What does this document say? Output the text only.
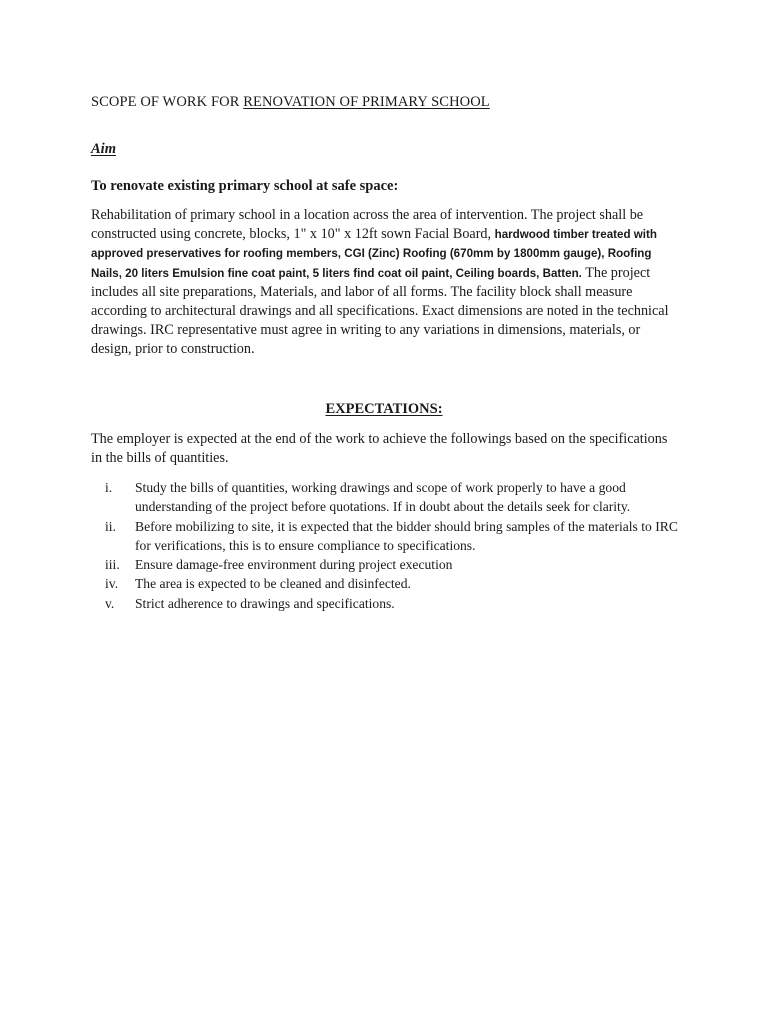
SCOPE OF WORK FOR RENOVATION OF PRIMARY SCHOOL
Aim
To renovate existing primary school at safe space:

Rehabilitation of primary school in a location across the area of intervention. The project shall be constructed using concrete, blocks, 1" x 10" x 12ft sown Facial Board, hardwood timber treated with approved preservatives for roofing members, CGI (Zinc) Roofing (670mm by 1800mm gauge), Roofing Nails, 20 liters Emulsion fine coat paint, 5 liters find coat oil paint, Ceiling boards, Batten. The project includes all site preparations, Materials, and labor of all forms. The facility block shall measure according to architectural drawings and all specifications. Exact dimensions are noted in the technical drawings. IRC representative must agree in writing to any variations in dimensions, materials, or design, prior to construction.

EXPECTATIONS:

The employer is expected at the end of the work to achieve the followings based on the specifications in the bills of quantities.

i.	Study the bills of quantities, working drawings and scope of work properly to have a good understanding of the project before quotations. If in doubt about the details seek for clarity.
ii.	Before mobilizing to site, it is expected that the bidder should bring samples of the materials to IRC for verifications, this is to ensure compliance to specifications.
iii.	Ensure damage-free environment during project execution
iv.	The area is expected to be cleaned and disinfected.
v.	Strict adherence to drawings and specifications.
